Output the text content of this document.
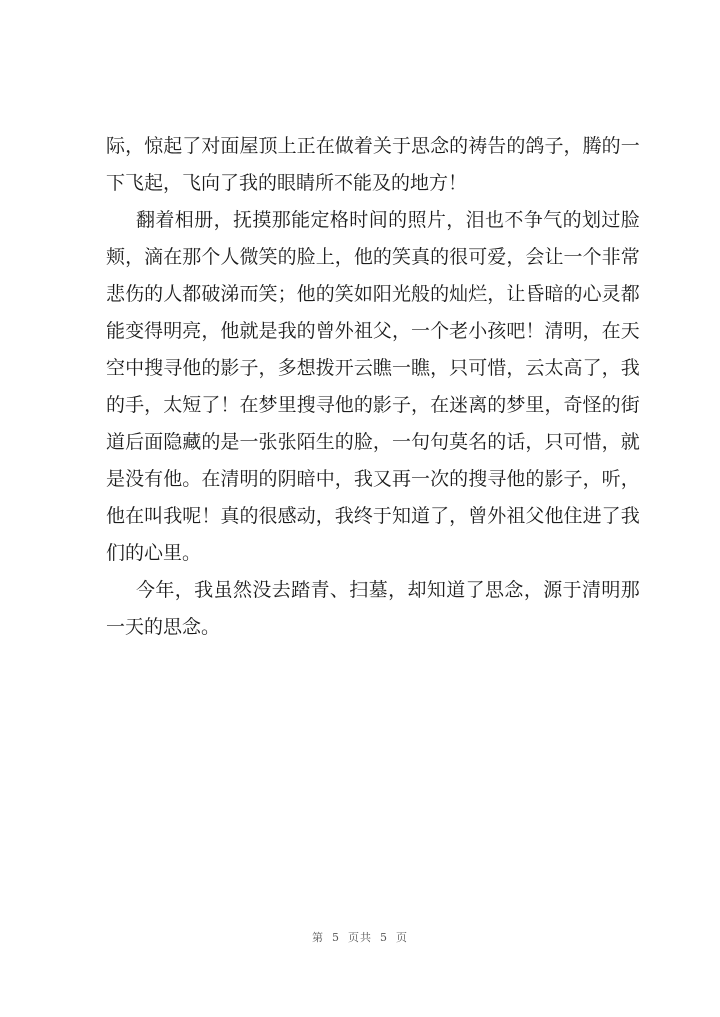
际 ， 惊 起 了 对 面 屋 顶 上 正 在 做 着 关 于 思 念 的 祷 告 的 鸽 子 ， 腾 的 一
下飞起，飞向了我的眼睛所不能及的地方！
翻 着 相 册 ， 抚 摸 那 能 定 格 时 间 的 照 片 ， 泪 也 不 争 气 的 划 过 脸
颊 ， 滴 在 那 个 人 微 笑 的 脸 上 ， 他 的 笑 真 的 很 可 爱 ， 会 让 一 个 非 常
悲 伤 的 人 都 破 涕 而 笑 ； 他 的 笑 如 阳 光 般 的 灿 烂 ， 让 昏 暗 的 心 灵 都
能 变 得 明 亮 ， 他 就 是 我 的 曾 外 祖 父 ， 一 个 老 小 孩 吧 ！ 清 明 ， 在 天
空 中 搜 寻 他 的 影 子 ， 多 想 拨 开 云 瞧 一 瞧 ， 只 可 惜 ， 云 太 高 了 ， 我
的 手 ， 太 短 了 ！ 在 梦 里 搜 寻 他 的 影 子 ， 在 迷 离 的 梦 里 ， 奇 怪 的 街
道 后 面 隐 藏 的 是 一 张 张 陌 生 的 脸 ， 一 句 句 莫 名 的 话 ， 只 可 惜 ， 就
是 没 有 他 。 在 清 明 的 阴 暗 中 ， 我 又 再 一 次 的 搜 寻 他 的 影 子 ， 听 ，
他 在 叫 我 呢 ！ 真 的 很 感 动 ， 我 终 于 知 道 了 ， 曾 外 祖 父 他 住 进 了 我
们的心里。
今 年 ， 我 虽 然 没 去 踏 青 、 扫 墓 ， 却 知 道 了 思 念 ， 源 于 清 明 那
一天的思念。
第 5 页共 5 页
